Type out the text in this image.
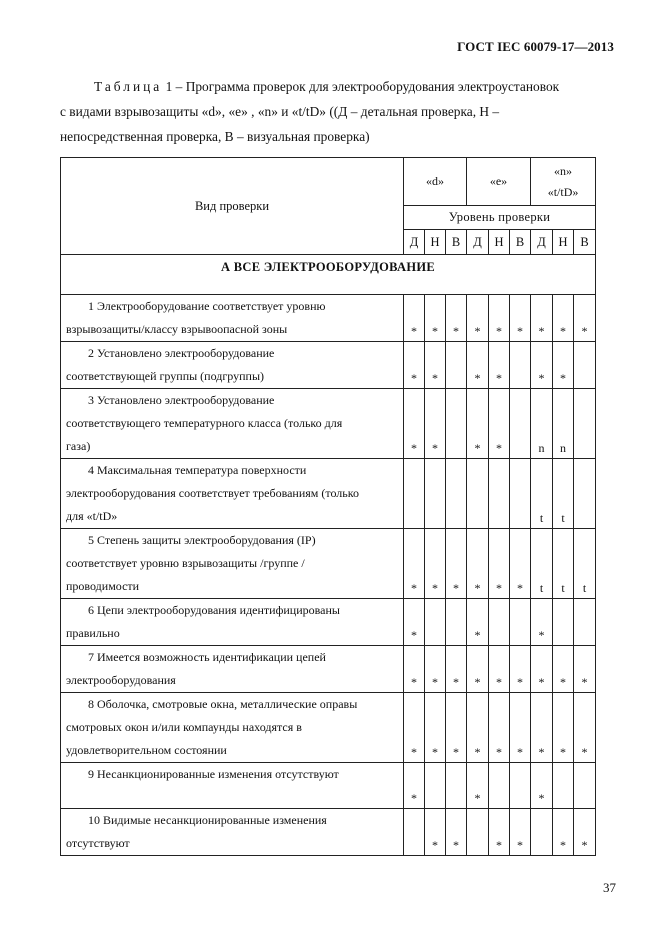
ГОСТ IEC 60079-17—2013
Таблица 1 – Программа проверок для электрооборудования электроустановок
с видами взрывозащиты «d», «е» , «n» и «t/tD» ((Д – детальная проверка, Н –
непосредственная проверка, В – визуальная проверка)
Вид проверки	«d»			«е»			«n»
«t/tD»		
	Уровень проверки								
	Д	Н	В	Д	Н	В	Д	Н	В
А ВСЕ ЭЛЕКТРООБОРУДОВАНИЕ									
1 Электрооборудование соответствует уровню
взрывозащиты/классу взрывоопасной зоны	*	*	*	*	*	*	*	*	*
2 Установлено электрооборудование
соответствующей группы (подгруппы)	*	*		*	*		*	*	
3 Установлено электрооборудование
соответствующего температурного класса (только для
газа)	*	*		*	*		n	n	
4 Максимальная температура поверхности
электрооборудования соответствует требованиям (только
для «t/tD»							t	t	
5 Степень защиты электрооборудования (IP)
соответствует уровню взрывозащиты /группе /
проводимости	*	*	*	*	*	*	t	t	t
6 Цепи электрооборудования идентифицированы
правильно	*			*			*		
7 Имеется возможность идентификации цепей
электрооборудования	*	*	*	*	*	*	*	*	*
8 Оболочка, смотровые окна, металлические оправы
смотровых окон и/или компаунды находятся в
удовлетворительном состоянии	*	*	*	*	*	*	*	*	*
9 Несанкционированные изменения отсутствуют	*			*			*		
10 Видимые несанкционированные изменения
отсутствуют		*	*		*	*		*	*
37
